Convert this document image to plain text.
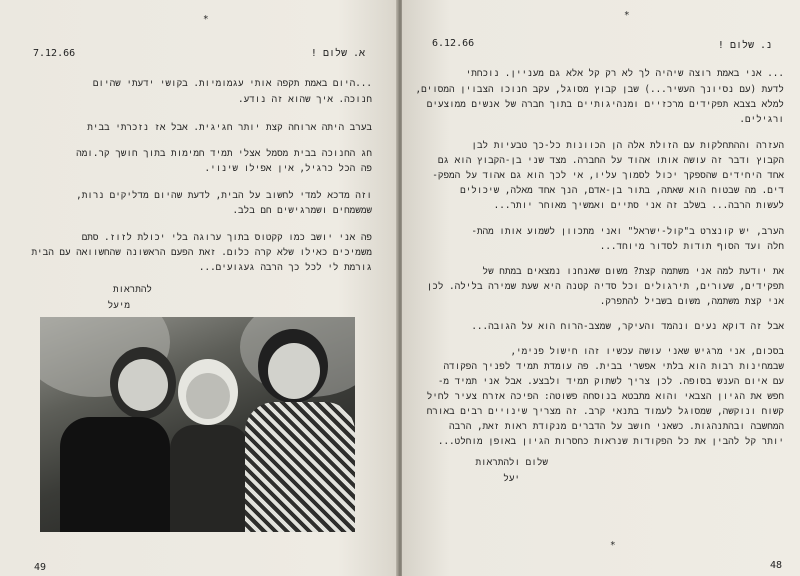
*
7.12.66	א. שלום !
...היום באמת תקפה אותי עגמומיות. בקושי ידעתי שהיום
חנוכה. איך שהוא זה נודע.
בערב היתה ארוחה קצת יותר חגיגית. אבל אז נזכרתי בבית
חג החנוכה בבית מסמל אצלי תמיד חמימות בתוך חושך קר.ומה
פה הכל כרגיל, אין אפילו שינוי.
וזה מדכא למדי לחשוב על הבית, לדעת שהיום מדליקים נרות,
שמשמחים ושמרגישים חם בלב.
פה אני יושב כמו קקטוס בתוך ערוגה בלי יכולת לזוז. סתם
משמיכים כאילו שלא קרה כלום. זאת הפעם הראשונה שהחשוואה עם הבית
גורמת לי לכל כך הרבה געגועים...
להתראות
מיעל
49
*
6.12.66	נ. שלום !
... אני באמת רוצה שיהיה לך לא רק קל אלא גם מעניין. נוכחתי
לדעת (עם נסיונך העשיר...) שבן קבוץ מסוגל, עקב חנוכו הצבוין המסוים,
למלא בצבא תפקידים מרכזיים ומנהיגותיים בתוך חברה של אנשים ממוצעים
ורגילים.
העזרה וההתחלקות עם הזולת אלה הן הכוונות כל-כך טבעיות לבן
הקבוץ ודבר זה עושה אותו אהוד על החברה. מצד שני בן-הקבוץ הוא גם
אחד היחידים שהספקך יכול לסמוך עליו, אי לכך הוא גם אהוד על המפק-
דים. מה שבטוח הוא שאתה, בתור בן-אדם, הנך אחד מאלה, שיכולים
לעשות הרבה... בשלב זה אני סתיים ואמשיך מאוחר יותר...
הערב, יש קונצרט ב"קול-ישראל" ואני מתכוון לשמוע אותו מהת-
חלה ועד הסוף תודות לסדור מיוחד...
את יודעת למה אני משתמה קצת? משום שאנחנו נמצאים במתח של
תפקידים, שעורים, תירגולים וכל סדיה קטנה היא שעת שמירה בלילה. לכן
אני קצת משתמה, משום בשביל להתפרק.
אבל זה דוקא נעים ונהמד והעיקר, שמצב-הרוח הוא על הגובה...
בסכום, אני מרגיש שאני עושה עכשיו זהו חישול פנימי,
שבמחינות רבות הוא בלתי אפשרי בבית. פה עומדת תמיד לפניך הפקודה
עם איום הענש בסופה. לכן צריך לשתוק תמיד ולבצע. אבל אני תמיד מ-
חפש את הגיון הצבאי והוא מתבטא בנוסחה פשוטה: הפיכה אזרח צעיר לחיל
קשוח ונוקשה, שמסוגל לעמוד בתנאי קרב. זה מצריך שינויים רבים באורח
המחשבה ובהתנהגות. כשאני חושב על הדברים מנקודת ראות זאת, הרבה
יותר קל להבין את כל הפקודות שנראות כחסרות הגיון באופן מוחלט...
שלום ולהתראות
יעל
*
48
